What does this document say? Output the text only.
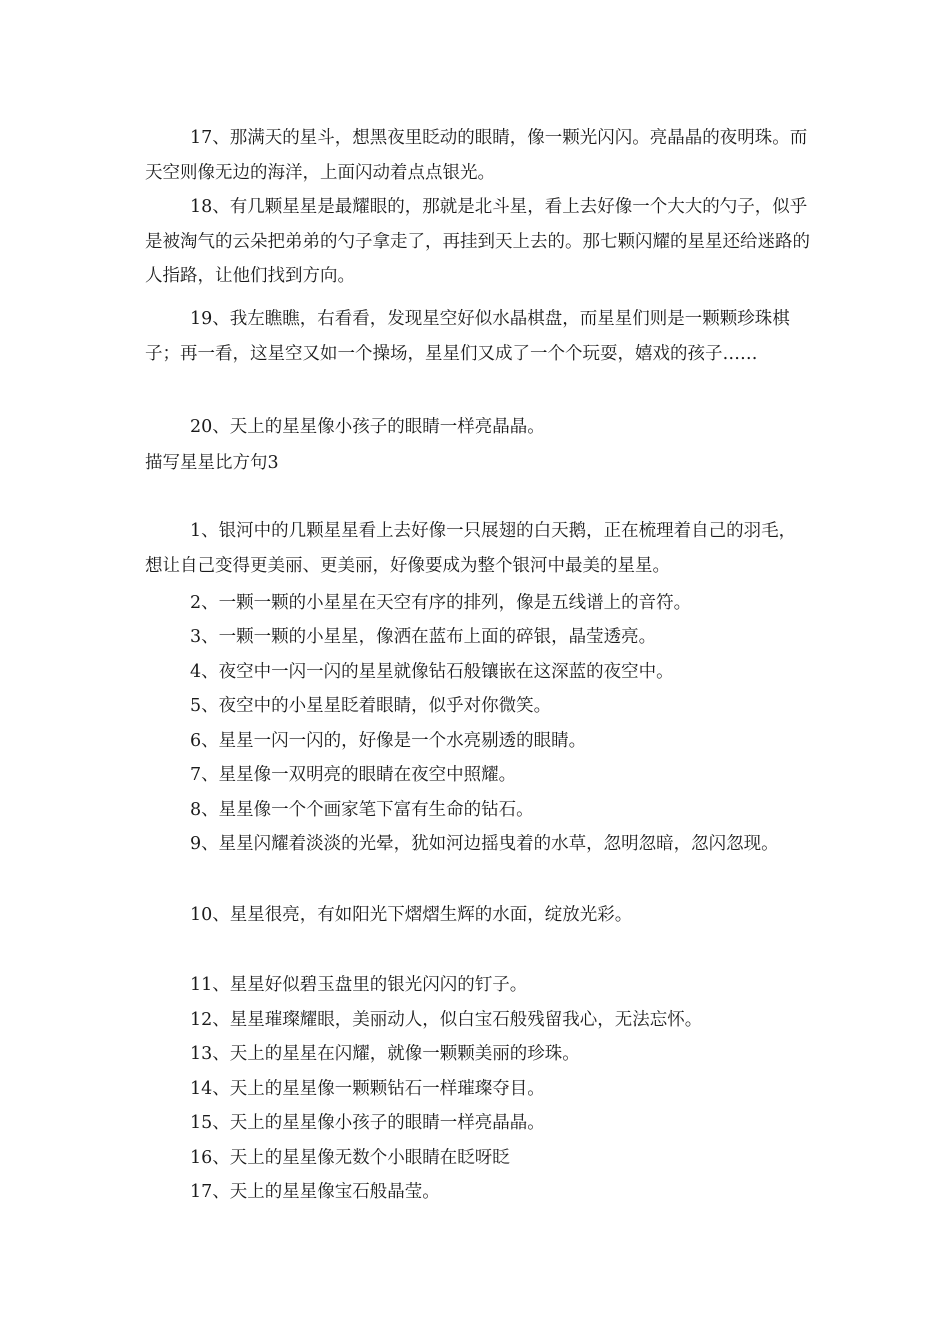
17、那满天的星斗，想黑夜里眨动的眼睛，像一颗光闪闪。亮晶晶的夜明珠。而天空则像无边的海洋，上面闪动着点点银光。

18、有几颗星星是最耀眼的，那就是北斗星，看上去好像一个大大的勺子，似乎是被淘气的云朵把弟弟的勺子拿走了，再挂到天上去的。那七颗闪耀的星星还给迷路的人指路，让他们找到方向。

19、我左瞧瞧，右看看，发现星空好似水晶棋盘，而星星们则是一颗颗珍珠棋子；再一看，这星空又如一个操场，星星们又成了一个个玩耍，嬉戏的孩子……

20、天上的星星像小孩子的眼睛一样亮晶晶。

描写星星比方句3

1、银河中的几颗星星看上去好像一只展翅的白天鹅，正在梳理着自己的羽毛，想让自己变得更美丽、更美丽，好像要成为整个银河中最美的星星。

2、一颗一颗的小星星在天空有序的排列，像是五线谱上的音符。

3、一颗一颗的小星星，像洒在蓝布上面的碎银，晶莹透亮。

4、夜空中一闪一闪的星星就像钻石般镶嵌在这深蓝的夜空中。

5、夜空中的小星星眨着眼睛，似乎对你微笑。

6、星星一闪一闪的，好像是一个水亮剔透的眼睛。

7、星星像一双明亮的眼睛在夜空中照耀。

8、星星像一个个画家笔下富有生命的钻石。

9、星星闪耀着淡淡的光晕，犹如河边摇曳着的水草，忽明忽暗，忽闪忽现。

10、星星很亮，有如阳光下熠熠生辉的水面，绽放光彩。

11、星星好似碧玉盘里的银光闪闪的钉子。

12、星星璀璨耀眼，美丽动人，似白宝石般残留我心，无法忘怀。

13、天上的星星在闪耀，就像一颗颗美丽的珍珠。

14、天上的星星像一颗颗钻石一样璀璨夺目。

15、天上的星星像小孩子的眼睛一样亮晶晶。

16、天上的星星像无数个小眼睛在眨呀眨

17、天上的星星像宝石般晶莹。
